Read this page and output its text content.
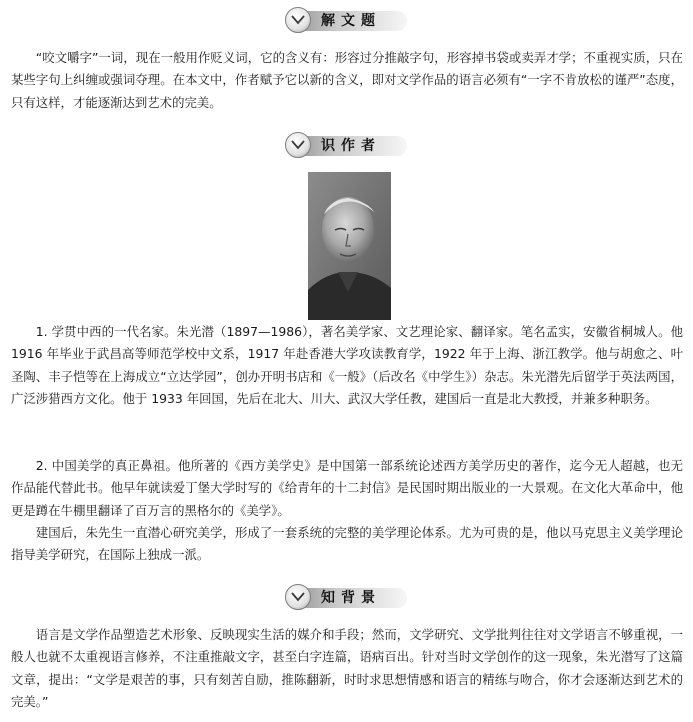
解文题

“咬文嚼字”一词，现在一般用作贬义词，它的含义有：形容过分推敲字句，形容掉书袋或卖弄才学；不重视实质，只在某些字句上纠缠或强词夺理。在本文中，作者赋予它以新的含义，即对文学作品的语言必须有“一字不肯放松的谨严”态度，只有这样，才能逐渐达到艺术的完美。

识作者

1. 学贯中西的一代名家。朱光潜（1897—1986），著名美学家、文艺理论家、翻译家。笔名孟实，安徽省桐城人。他 1916 年毕业于武昌高等师范学校中文系，1917 年赴香港大学攻读教育学，1922 年于上海、浙江教学。他与胡愈之、叶圣陶、丰子恺等在上海成立“立达学园”，创办开明书店和《一般》（后改名《中学生》）杂志。朱光潜先后留学于英法两国，广泛涉猎西方文化。他于 1933 年回国，先后在北大、川大、武汉大学任教，建国后一直是北大教授，并兼多种职务。

2. 中国美学的真正鼻祖。他所著的《西方美学史》是中国第一部系统论述西方美学历史的著作，迄今无人超越，也无作品能代替此书。他早年就读爱丁堡大学时写的《给青年的十二封信》是民国时期出版业的一大景观。在文化大革命中，他更是蹲在牛棚里翻译了百万言的黑格尔的《美学》。

建国后，朱先生一直潜心研究美学，形成了一套系统的完整的美学理论体系。尤为可贵的是，他以马克思主义美学理论指导美学研究，在国际上独成一派。

知背景

语言是文学作品塑造艺术形象、反映现实生活的媒介和手段；然而，文学研究、文学批判往往对文学语言不够重视，一般人也就不太重视语言修养，不注重推敲文字，甚至白字连篇，语病百出。针对当时文学创作的这一现象，朱光潜写了这篇文章，提出：“文学是艰苦的事，只有刻苦自励，推陈翻新，时时求思想情感和语言的精练与吻合，你才会逐渐达到艺术的完美。”
